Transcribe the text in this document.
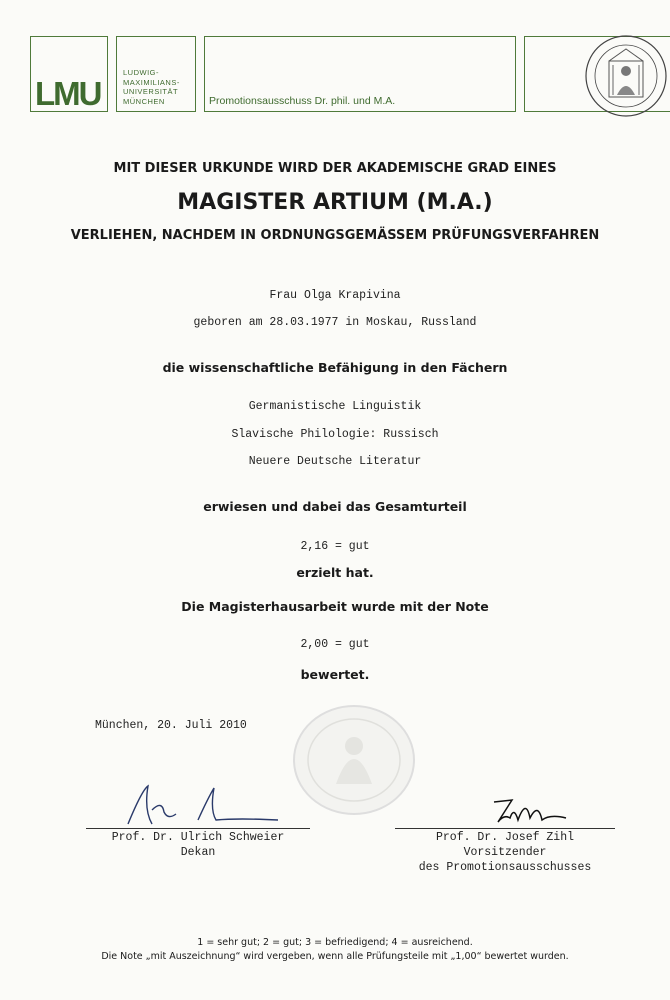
LMU
LUDWIG-
MAXIMILIANS-
UNIVERSITÄT
MÜNCHEN	Promotionsausschuss Dr. phil. und M.A.
MIT DIESER URKUNDE WIRD DER AKADEMISCHE GRAD EINES
MAGISTER ARTIUM (M.A.)
VERLIEHEN, NACHDEM IN ORDNUNGSGEMÄSSEM PRÜFUNGSVERFAHREN
Frau Olga Krapivina
geboren am 28.03.1977 in Moskau, Russland
die wissenschaftliche Befähigung in den Fächern
Germanistische Linguistik
Slavische Philologie: Russisch
Neuere Deutsche Literatur
erwiesen und dabei das Gesamturteil
2,16 = gut
erzielt hat.
Die Magisterhausarbeit wurde mit der Note
2,00 = gut
bewertet.
München, 20. Juli 2010
Prof. Dr. Ulrich Schweier
Dekan
Prof. Dr. Josef Zihl
Vorsitzender
des Promotionsausschusses
1 = sehr gut; 2 = gut; 3 = befriedigend; 4 = ausreichend.
Die Note „mit Auszeichnung“ wird vergeben, wenn alle Prüfungsteile mit „1,00“ bewertet wurden.
